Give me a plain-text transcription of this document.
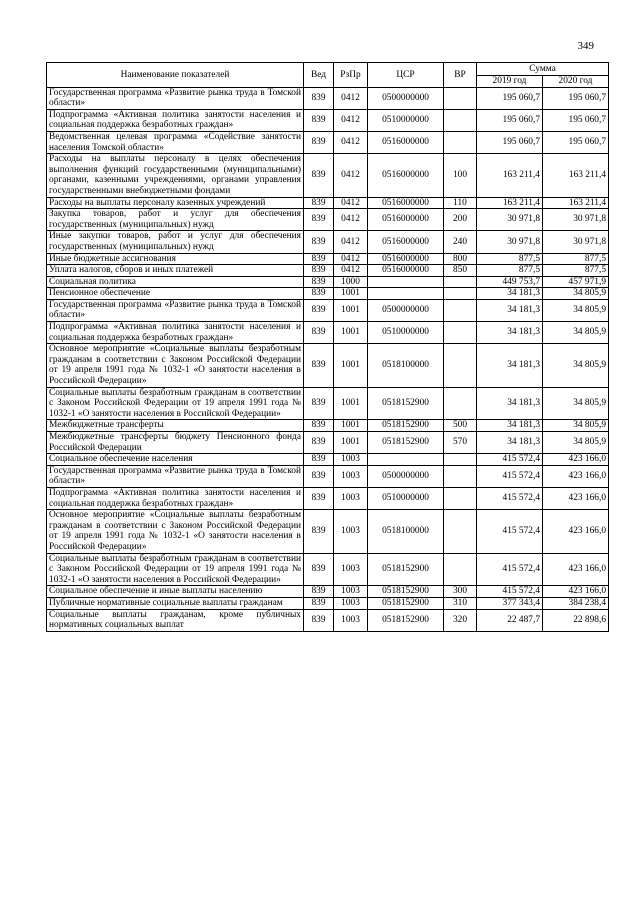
349
Наименование показателей	Вед	РзПр	ЦСР	ВР	Сумма	
					2019 год	2020 год
Государственная программа «Развитие рынка труда в Томской области»	839	0412	0500000000		195 060,7	195 060,7
Подпрограмма «Активная политика занятости населения и социальная поддержка безработных граждан»	839	0412	0510000000		195 060,7	195 060,7
Ведомственная целевая программа «Содействие занятости населения Томской области»	839	0412	0516000000		195 060,7	195 060,7
Расходы на выплаты персоналу в целях обеспечения выполнения функций государственными (муниципальными) органами, казенными учреждениями, органами управления государственными внебюджетными фондами	839	0412	0516000000	100	163 211,4	163 211,4
Расходы на выплаты персоналу казенных учреждений	839	0412	0516000000	110	163 211,4	163 211,4
Закупка товаров, работ и услуг для обеспечения государственных (муниципальных) нужд	839	0412	0516000000	200	30 971,8	30 971,8
Иные закупки товаров, работ и услуг для обеспечения государственных (муниципальных) нужд	839	0412	0516000000	240	30 971,8	30 971,8
Иные бюджетные ассигнования	839	0412	0516000000	800	877,5	877,5
Уплата налогов, сборов и иных платежей	839	0412	0516000000	850	877,5	877,5
Социальная политика	839	1000			449 753,7	457 971,9
Пенсионное обеспечение	839	1001			34 181,3	34 805,9
Государственная программа «Развитие рынка труда в Томской области»	839	1001	0500000000		34 181,3	34 805,9
Подпрограмма «Активная политика занятости населения и социальная поддержка безработных граждан»	839	1001	0510000000		34 181,3	34 805,9
Основное мероприятие «Социальные выплаты безработным гражданам в соответствии с Законом Российской Федерации от 19 апреля 1991 года № 1032-1 «О занятости населения в Российской Федерации»	839	1001	0518100000		34 181,3	34 805,9
Социальные выплаты безработным гражданам в соответствии с Законом Российской Федерации от 19 апреля 1991 года № 1032-1 «О занятости населения в Российской Федерации»	839	1001	0518152900		34 181,3	34 805,9
Межбюджетные трансферты	839	1001	0518152900	500	34 181,3	34 805,9
Межбюджетные трансферты бюджету Пенсионного фонда Российской Федерации	839	1001	0518152900	570	34 181,3	34 805,9
Социальное обеспечение населения	839	1003			415 572,4	423 166,0
Государственная программа «Развитие рынка труда в Томской области»	839	1003	0500000000		415 572,4	423 166,0
Подпрограмма «Активная политика занятости населения и социальная поддержка безработных граждан»	839	1003	0510000000		415 572,4	423 166,0
Основное мероприятие «Социальные выплаты безработным гражданам в соответствии с Законом Российской Федерации от 19 апреля 1991 года № 1032-1 «О занятости населения в Российской Федерации»	839	1003	0518100000		415 572,4	423 166,0
Социальные выплаты безработным гражданам в соответствии с Законом Российской Федерации от 19 апреля 1991 года № 1032-1 «О занятости населения в Российской Федерации»	839	1003	0518152900		415 572,4	423 166,0
Социальное обеспечение и иные выплаты населению	839	1003	0518152900	300	415 572,4	423 166,0
Публичные нормативные социальные выплаты гражданам	839	1003	0518152900	310	377 343,4	384 238,4
Социальные выплаты гражданам, кроме публичных нормативных социальных выплат	839	1003	0518152900	320	22 487,7	22 898,6
